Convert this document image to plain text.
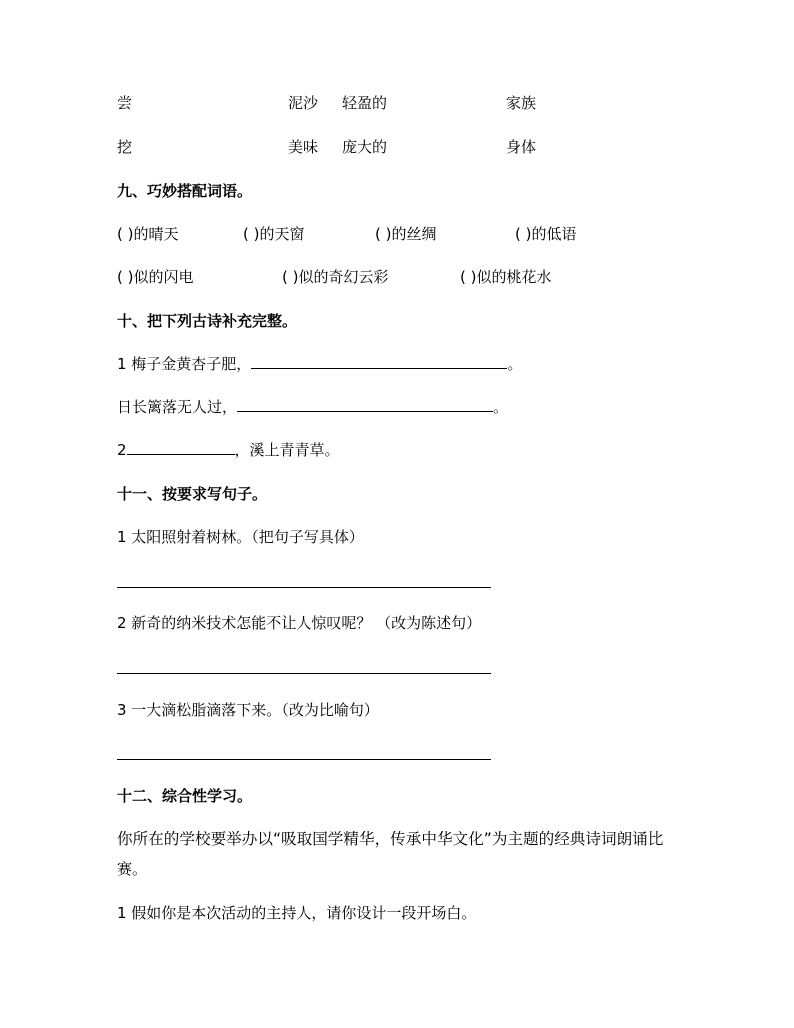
尝	泥沙 轻盈的	家族
挖	美味 庞大的	身体
九、巧妙搭配词语。
( )的晴天	( )的天窗	( )的丝绸	( )的低语
( )似的闪电	( )似的奇幻云彩	( )似的桃花水
十、把下列古诗补充完整。
1 梅子金黄杏子肥，	。
日长篱落无人过，	。
2	，溪上青青草。
十一、按要求写句子。
1 太阳照射着树林。（把句子写具体）
2 新奇的纳米技术怎能不让人惊叹呢？ （改为陈述句）
3 一大滴松脂滴落下来。（改为比喻句）
十二、综合性学习。
你所在的学校要举办以“吸取国学精华，传承中华文化”为主题的经典诗词朗诵比
赛。
1 假如你是本次活动的主持人，请你设计一段开场白。
